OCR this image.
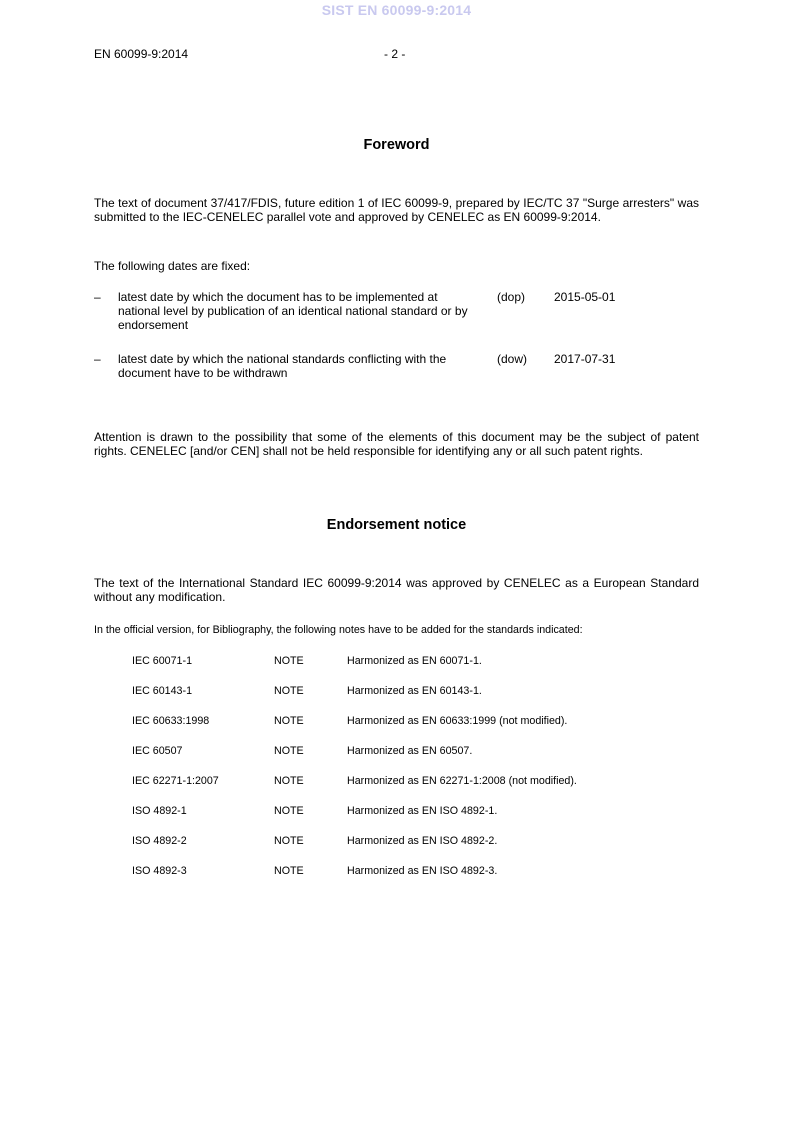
SIST EN 60099-9:2014
EN 60099-9:2014	- 2 -
Foreword
The text of document 37/417/FDIS, future edition 1 of IEC 60099-9, prepared by IEC/TC 37 "Surge arresters" was submitted to the IEC-CENELEC parallel vote and approved by CENELEC as EN 60099-9:2014.
The following dates are fixed:
– latest date by which the document has to be implemented at national level by publication of an identical national standard or by endorsement
(dop) 2015-05-01
– latest date by which the national standards conflicting with the document have to be withdrawn
(dow) 2017-07-31
Attention is drawn to the possibility that some of the elements of this document may be the subject of patent rights. CENELEC [and/or CEN] shall not be held responsible for identifying any or all such patent rights.
Endorsement notice
The text of the International Standard IEC 60099-9:2014 was approved by CENELEC as a European Standard without any modification.
In the official version, for Bibliography, the following notes have to be added for the standards indicated:
IEC 60071-1	NOTE	Harmonized as EN 60071-1.
IEC 60143-1	NOTE	Harmonized as EN 60143-1.
IEC 60633:1998	NOTE	Harmonized as EN 60633:1999 (not modified).
IEC 60507	NOTE	Harmonized as EN 60507.
IEC 62271-1:2007	NOTE	Harmonized as EN 62271-1:2008 (not modified).
ISO 4892-1	NOTE	Harmonized as EN ISO 4892-1.
ISO 4892-2	NOTE	Harmonized as EN ISO 4892-2.
ISO 4892-3	NOTE	Harmonized as EN ISO 4892-3.
